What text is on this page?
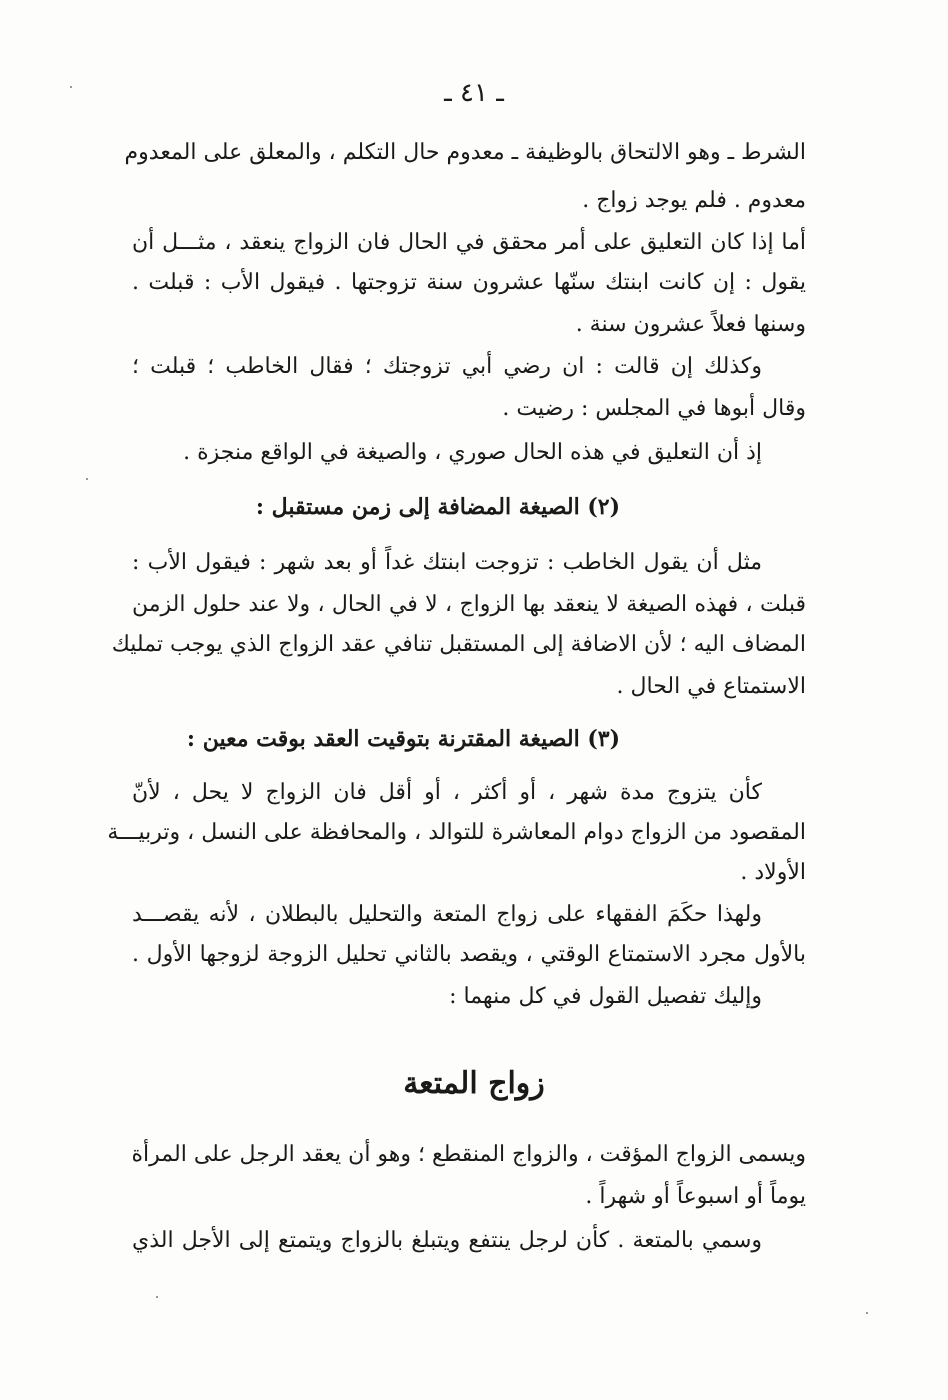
ـ ٤١ ـ
الشرط ـ وهو الالتحاق بالوظيفة ـ معدوم حال التكلم ، والمعلق على المعدوم
معدوم . فلم يوجد زواج .
أما إذا كان التعليق على أمر محقق في الحال فان الزواج ينعقد ، مثـــل أن
يقول : إن كانت ابنتك سنّها عشرون سنة تزوجتها . فيقول الأب : قبلت .
وسنها فعلاً عشرون سنة .
وكذلك إن قالت : ان رضي أبي تزوجتك ؛ فقال الخاطب ؛ قبلت ؛
وقال أبوها في المجلس : رضيت .
إذ أن التعليق في هذه الحال صوري ، والصيغة في الواقع منجزة .
(٢) الصيغة المضافة إلى زمن مستقبل :
مثل أن يقول الخاطب : تزوجت ابنتك غداً أو بعد شهر : فيقول الأب :
قبلت ، فهذه الصيغة لا ينعقد بها الزواج ، لا في الحال ، ولا عند حلول الزمن
المضاف اليه ؛ لأن الاضافة إلى المستقبل تنافي عقد الزواج الذي يوجب تمليك
الاستمتاع في الحال .
(٣) الصيغة المقترنة بتوقيت العقد بوقت معين :
كأن يتزوج مدة شهر ، أو أكثر ، أو أقل فان الزواج لا يحل ، لأنّ
المقصود من الزواج دوام المعاشرة للتوالد ، والمحافظة على النسل ، وتربيـــة
الأولاد .
ولهذا حكَمَ الفقهاء على زواج المتعة والتحليل بالبطلان ، لأنه يقصـــد
بالأول مجرد الاستمتاع الوقتي ، ويقصد بالثاني تحليل الزوجة لزوجها الأول .
وإليك تفصيل القول في كل منهما :
ويسمى الزواج المؤقت ، والزواج المنقطع ؛ وهو أن يعقد الرجل على المرأة
يوماً أو اسبوعاً أو شهراً .
وسمي بالمتعة . كأن لرجل ينتفع ويتبلغ بالزواج ويتمتع إلى الأجل الذي
زواج المتعة
